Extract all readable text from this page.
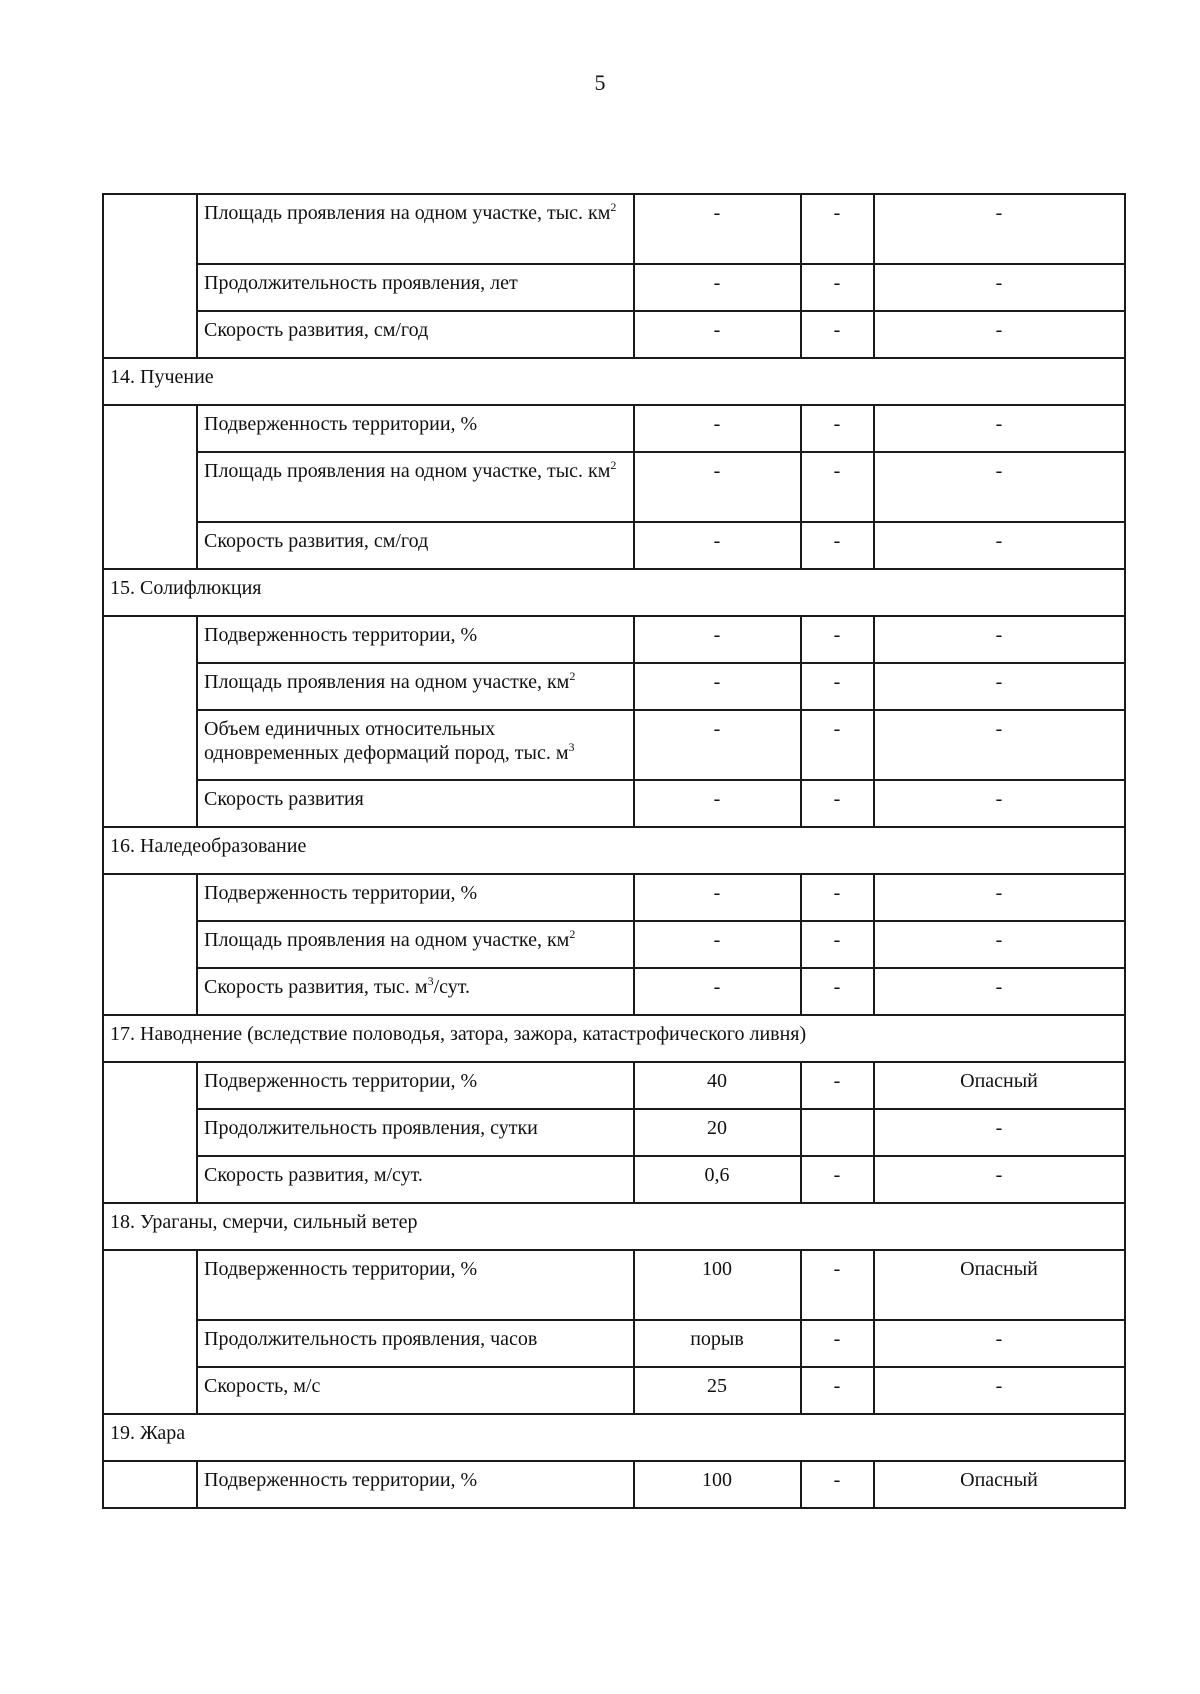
5
	Площадь проявления на одном участке, тыс. $км^2$	-	-	-
	Продолжительность проявления, лет	-	-	-
	Скорость развития, см/год	-	-	-
14. Пучение				
	Подверженность территории, %	-	-	-
	Площадь проявления на одном участке, тыс. $км^2$	-	-	-
	Скорость развития, см/год	-	-	-
15. Солифлюкция				
	Подверженность территории, %	-	-	-
	Площадь проявления на одном участке, $км^2$	-	-	-
	Объем единичных относительных одновременных деформаций пород, тыс. $м^3$	-	-	-
	Скорость развития	-	-	-
16. Наледеобразование				
	Подверженность территории, %	-	-	-
	Площадь проявления на одном участке, $км^2$	-	-	-
	Скорость развития, тыс. $м^3$/сут.	-	-	-
17. Наводнение (вследствие половодья, затора, зажора, катастрофического ливня)				
	Подверженность территории, %	40	-	Опасный
	Продолжительность проявления, сутки	20		-
	Скорость развития, м/сут.	0,6	-	-
18. Ураганы, смерчи, сильный ветер				
	Подверженность территории, %	100	-	Опасный
	Продолжительность проявления, часов	порыв	-	-
	Скорость, м/с	25	-	-
19. Жара				
	Подверженность территории, %	100	-	Опасный
